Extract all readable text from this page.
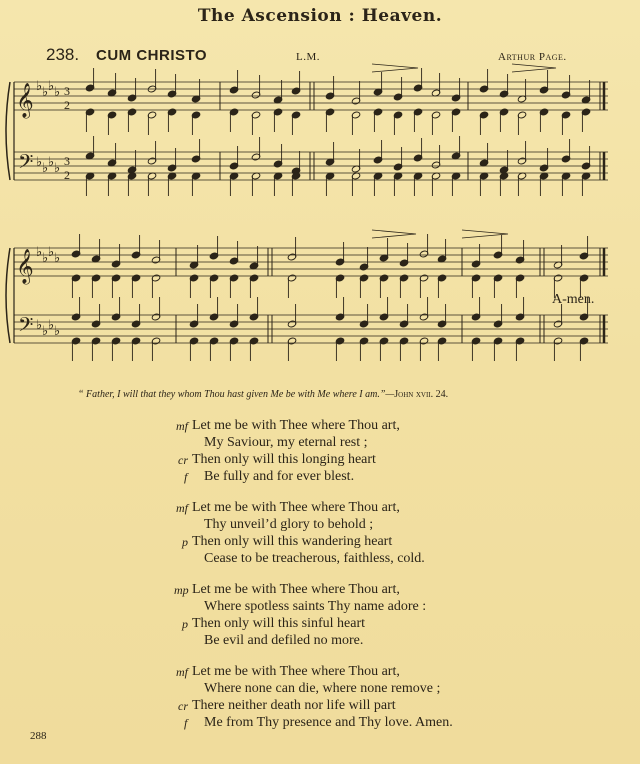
The Ascension : Heaven.
238. CUM CHRISTO	L.M.	Arthur Page.
𝄞
𝄢
♭ ♭ ♭ ♭
♭ ♭ ♭ ♭
3
2
3
2
𝄞
𝄢
♭ ♭ ♭ ♭
♭ ♭ ♭ ♭
A-men.
“ Father, I will that they whom Thou hast given Me be with Me where I am.”—John xvii. 24.
mf Let me be with Thee where Thou art,
My Saviour, my eternal rest ;
cr Then only will this longing heart
f Be fully and for ever blest.
mf Let me be with Thee where Thou art,
Thy unveil’d glory to behold ;
p Then only will this wandering heart
Cease to be treacherous, faithless, cold.
mp Let me be with Thee where Thou art,
Where spotless saints Thy name adore :
p Then only will this sinful heart
Be evil and defiled no more.
mf Let me be with Thee where Thou art,
Where none can die, where none remove ;
cr There neither death nor life will part
f Me from Thy presence and Thy love. Amen.
288
